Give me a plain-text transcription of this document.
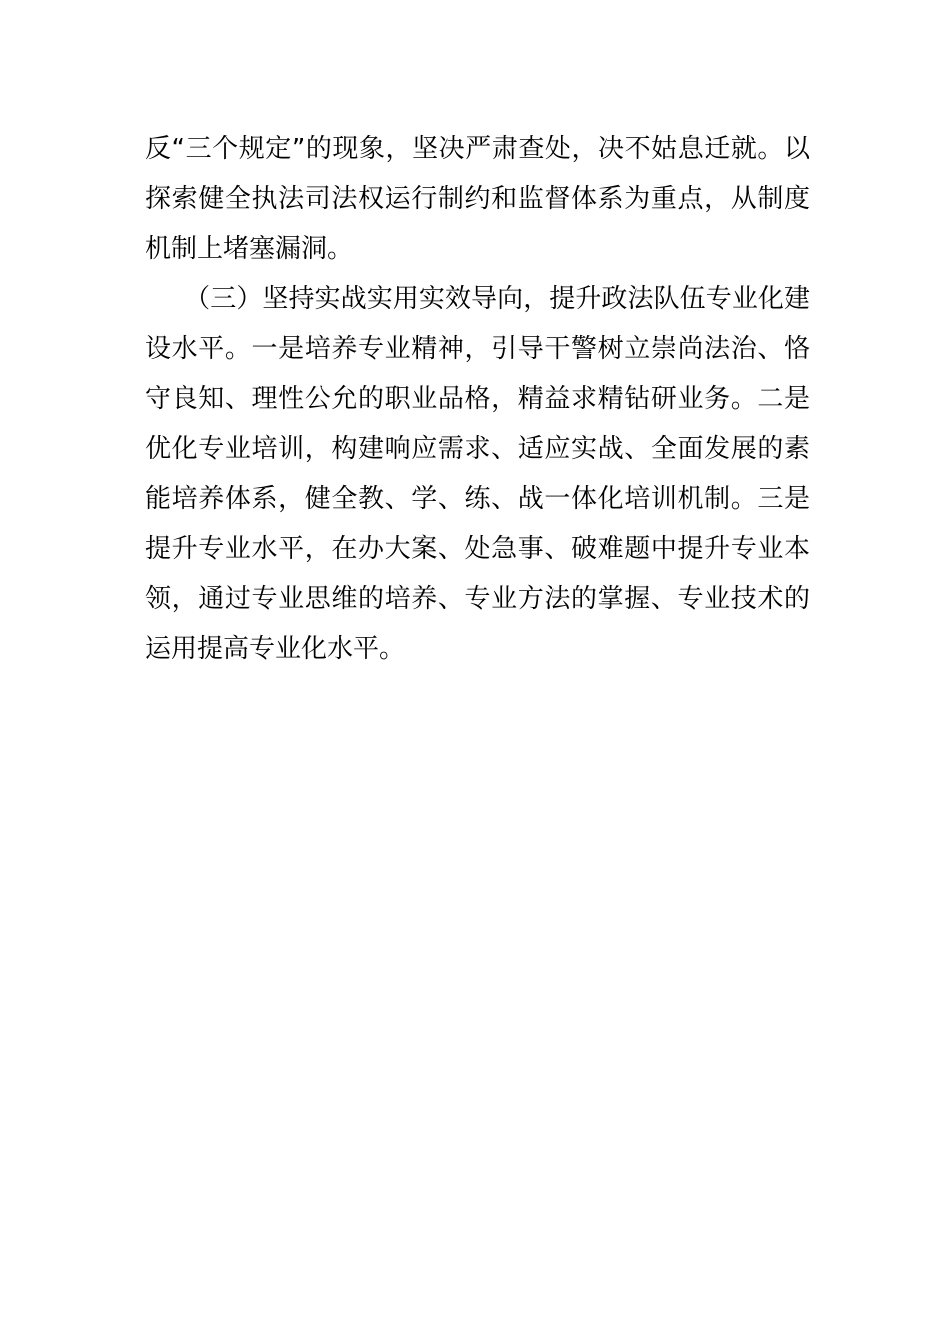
反“三个规定”的现象，坚决严肃查处，决不姑息迁就。以
探索健全执法司法权运行制约和监督体系为重点，从制度
机制上堵塞漏洞。
　　（三）坚持实战实用实效导向，提升政法队伍专业化建
设水平。一是培养专业精神，引导干警树立崇尚法治、恪
守良知、理性公允的职业品格，精益求精钻研业务。二是
优化专业培训，构建响应需求、适应实战、全面发展的素
能培养体系，健全教、学、练、战一体化培训机制。三是
提升专业水平，在办大案、处急事、破难题中提升专业本
领，通过专业思维的培养、专业方法的掌握、专业技术的
运用提高专业化水平。
